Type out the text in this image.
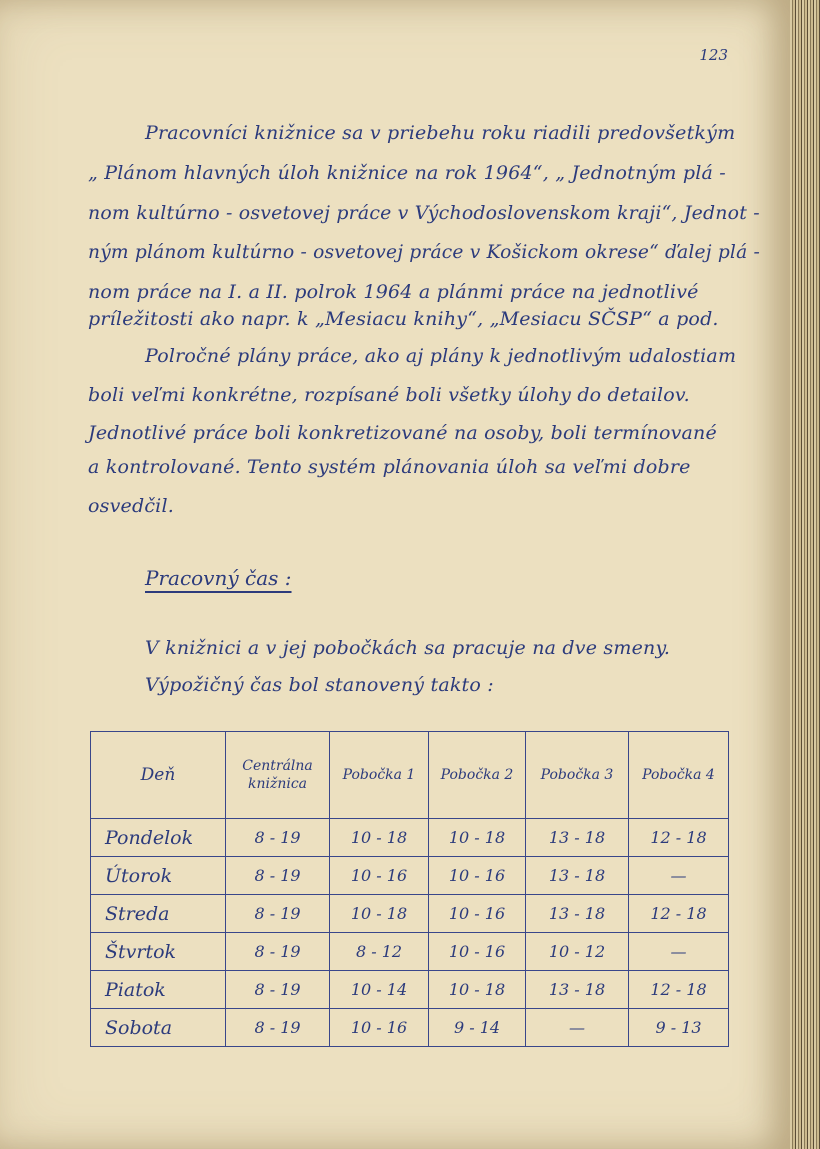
123
Pracovníci knižnice sa v priebehu roku riadili predovšetkým
„ Plánom hlavných úloh knižnice na rok 1964“, „ Jednotným plá -
nom kultúrno - osvetovej práce v Východoslovenskom kraji“, Jednot -
ným plánom kultúrno - osvetovej práce v Košickom okrese“ ďalej plá -
nom práce na I. a II. polrok 1964 a plánmi práce na jednotlivé
príležitosti ako napr. k „Mesiacu knihy“, „Mesiacu SČSP“ a pod.
Polročné plány práce, ako aj plány k jednotlivým udalostiam
boli veľmi konkrétne, rozpísané boli všetky úlohy do detailov.
Jednotlivé práce boli konkretizované na osoby, boli termínované
a kontrolované. Tento systém plánovania úloh sa veľmi dobre
osvedčil.
Pracovný čas :
V knižnici a v jej pobočkách sa pracuje na dve smeny.
Výpožičný čas bol stanovený takto :
Deň	Centrálna knižnica	Pobočka 1	Pobočka 2	Pobočka 3	Pobočka 4
Pondelok	8 - 19	10 - 18	10 - 18	13 - 18	12 - 18
Útorok	8 - 19	10 - 16	10 - 16	13 - 18	—
Streda	8 - 19	10 - 18	10 - 16	13 - 18	12 - 18
Štvrtok	8 - 19	8 - 12	10 - 16	10 - 12	—
Piatok	8 - 19	10 - 14	10 - 18	13 - 18	12 - 18
Sobota	8 - 19	10 - 16	9 - 14	—	9 - 13
